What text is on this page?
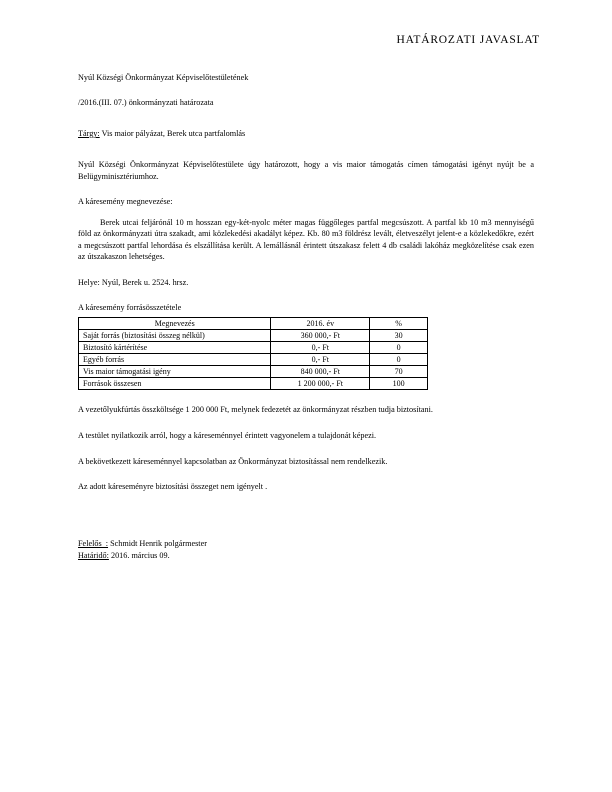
HATÁROZATI JAVASLAT

Nyúl Községi Önkormányzat Képviselőtestületének

/2016.(III. 07.) önkormányzati határozata

Tárgy: Vis maior pályázat, Berek utca partfalomlás

Nyúl Községi Önkormányzat Képviselőtestülete úgy határozott, hogy a vis maior támogatás címen támogatási igényt nyújt be a Belügyminisztériumhoz.

A káresemény megnevezése:

Berek utcai feljárónál 10 m hosszan egy-két-nyolc méter magas függőleges partfal megcsúszott. A partfal kb 10 m3 mennyiségű föld az önkormányzati útra szakadt, ami közlekedési akadályt képez. Kb. 80 m3 földrész levált, életveszélyt jelent-e a közlekedőkre, ezért a megcsúszott partfal lehordása és elszállítása került. A lemállásnál érintett útszakasz felett 4 db családi lakóház megközelítése csak ezen az útszakaszon lehetséges.

Helye: Nyúl, Berek u. 2524. hrsz.

A káresemény forrásösszetétele

Megnevezés	2016. év	%
Saját forrás (biztosítási összeg nélkül)	360 000,- Ft	30
Biztosító kártérítése	0,- Ft	0
Egyéb forrás	0,- Ft	0
Vis maior támogatási igény	840 000,- Ft	70
Források összesen	1 200 000,- Ft	100

A vezetőlyukfúrtás összköltsége 1 200 000 Ft, melynek fedezetét az önkormányzat részben tudja biztosítani.

A testület nyilatkozik arról, hogy a káreseménnyel érintett vagyonelem a tulajdonát képezi.

A bekövetkezett káreseménnyel kapcsolatban az Önkormányzat biztosítással nem rendelkezik.

Az adott káreseményre biztosítási összeget nem igényelt .

Felelős  : Schmidt Henrik polgármester
Határidő: 2016. március 09.
